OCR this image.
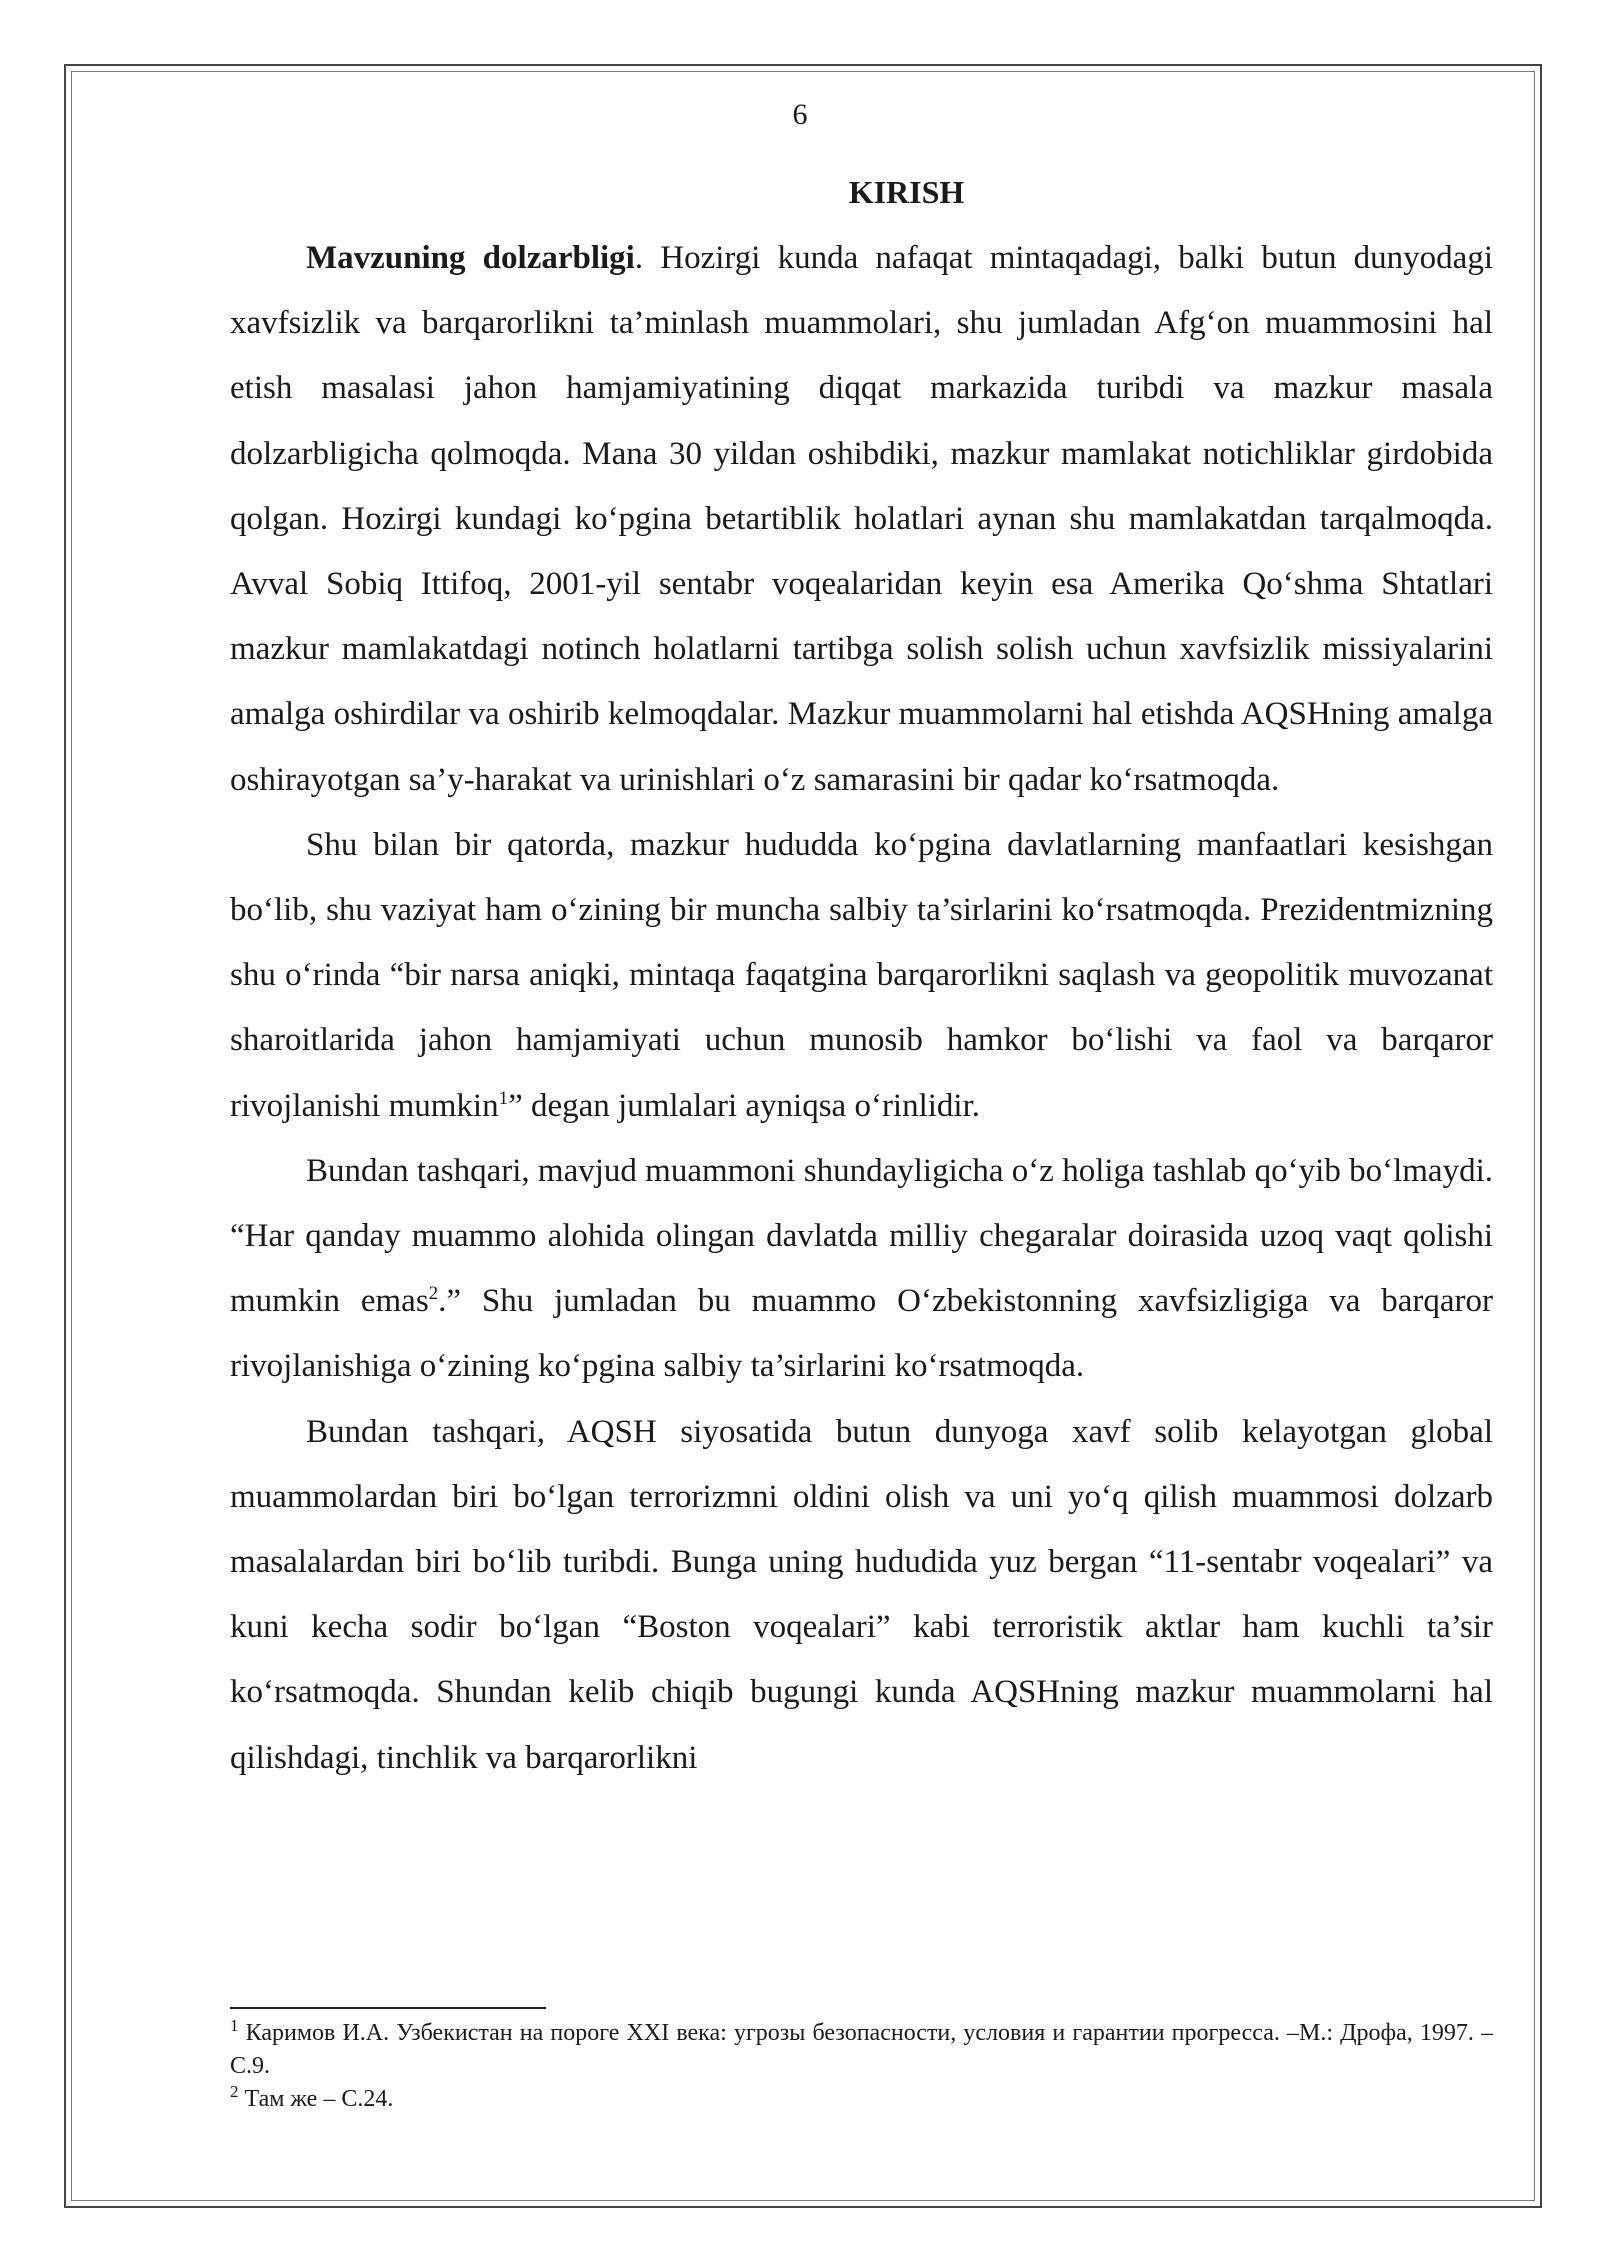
6
KIRISH

Mavzuning dolzarbligi. Hozirgi kunda nafaqat mintaqadagi, balki butun dunyodagi xavfsizlik va barqarorlikni ta’minlash muammolari, shu jumladan Afg‘on muammosini hal etish masalasi jahon hamjamiyatining diqqat markazida turibdi va mazkur masala dolzarbligicha qolmoqda. Mana 30 yildan oshibdiki, mazkur mamlakat notichliklar girdobida qolgan. Hozirgi kundagi ko‘pgina betartiblik holatlari aynan shu mamlakatdan tarqalmoqda. Avval Sobiq Ittifoq, 2001-yil sentabr voqealaridan keyin esa Amerika Qo‘shma Shtatlari mazkur mamlakatdagi notinch holatlarni tartibga solish solish uchun xavfsizlik missiyalarini amalga oshirdilar va oshirib kelmoqdalar. Mazkur muammolarni hal etishda AQSHning amalga oshirayotgan sa’y-harakat va urinishlari o‘z samarasini bir qadar ko‘rsatmoqda.

Shu bilan bir qatorda, mazkur hududda ko‘pgina davlatlarning manfaatlari kesishgan bo‘lib, shu vaziyat ham o‘zining bir muncha salbiy ta’sirlarini ko‘rsatmoqda. Prezidentmizning shu o‘rinda “bir narsa aniqki, mintaqa faqatgina barqarorlikni saqlash va geopolitik muvozanat sharoitlarida jahon hamjamiyati uchun munosib hamkor bo‘lishi va faol va barqaror rivojlanishi mumkin$^1$” degan jumlalari ayniqsa o‘rinlidir.

Bundan tashqari, mavjud muammoni shundayligicha o‘z holiga tashlab qo‘yib bo‘lmaydi. “Har qanday muammo alohida olingan davlatda milliy chegaralar doirasida uzoq vaqt qolishi mumkin emas$^2$.” Shu jumladan bu muammo O‘zbekistonning xavfsizligiga va barqaror rivojlanishiga o‘zining ko‘pgina salbiy ta’sirlarini ko‘rsatmoqda.

Bundan tashqari, AQSH siyosatida butun dunyoga xavf solib kelayotgan global muammolardan biri bo‘lgan terrorizmni oldini olish va uni yo‘q qilish muammosi dolzarb masalalardan biri bo‘lib turibdi. Bunga uning hududida yuz bergan “11-sentabr voqealari” va kuni kecha sodir bo‘lgan “Boston voqealari” kabi terroristik aktlar ham kuchli ta’sir ko‘rsatmoqda. Shundan kelib chiqib bugungi kunda AQSHning mazkur muammolarni hal qilishdagi, tinchlik va barqarorlikni

$^1$ Каримов И.А. Узбекистан на пороге XXI века: угрозы безопасности, условия и гарантии прогресса. –М.: Дрофа, 1997. – С.9.

$^2$ Там же – С.24.
